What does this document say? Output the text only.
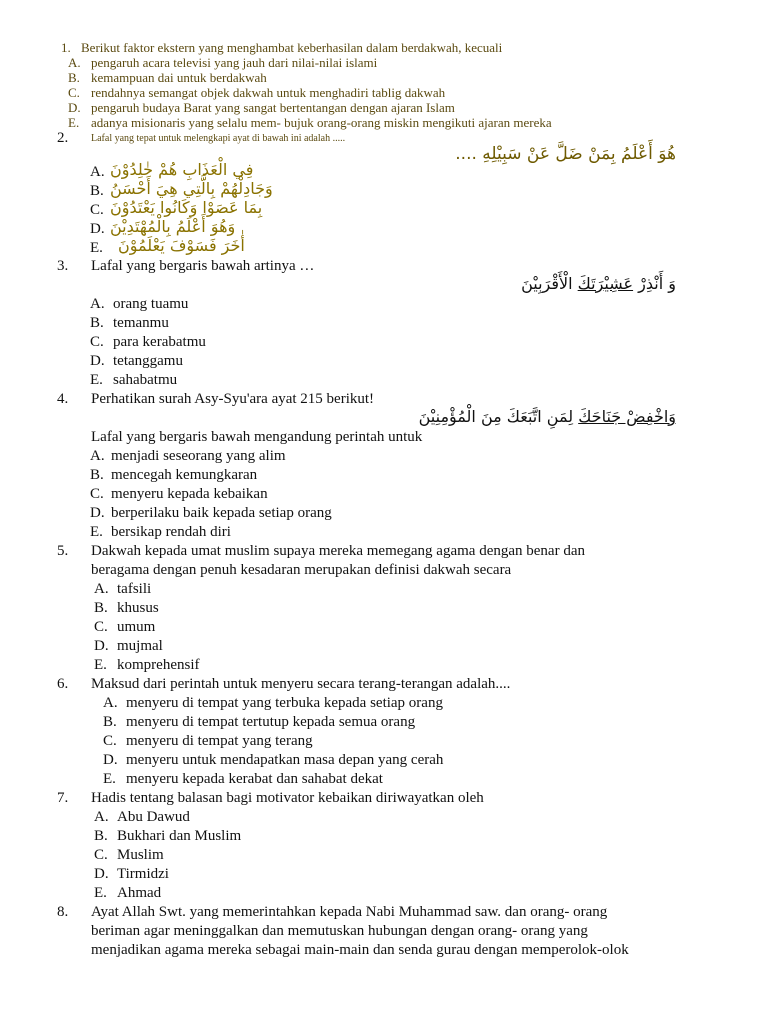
1. Berikut faktor ekstern yang menghambat keberhasilan dalam berdakwah, kecuali
A. pengaruh acara televisi yang jauh dari nilai-nilai islami
B. kemampuan dai untuk berdakwah
C. rendahnya semangat objek dakwah untuk menghadiri tablig dakwah
D. pengaruh budaya Barat yang sangat bertentangan dengan ajaran Islam
E. adanya misionaris yang selalu mem- bujuk orang-orang miskin mengikuti ajaran mereka
2. Lafal yang tepat untuk melengkapi ayat di bawah ini adalah .....
هُوَ أَعْلَمُ بِمَنْ ضَلَّ عَنْ سَبِيْلِهِ ....
A. فِي الْعَذَابِ هُمْ خٰلِدُوْنَ
B. وَجَادِلْهُمْ بِالَّتِي هِيَ أَحْسَنُ
C. بِمَا عَصَوْا وَكَانُوا يَعْتَدُوْنَ
D. وَهُوَ أَعْلَمُ بِالْمُهْتَدِيْنَ
E. أٰخَرَ فَسَوْفَ يَعْلَمُوْنَ
3. Lafal yang bergaris bawah artinya …
وَ أَنْذِرْ عَشِيْرَتَكَ الْأَقْرَبِيْنَ
A. orang tuamu
B. temanmu
C. para kerabatmu
D. tetanggamu
E. sahabatmu
4. Perhatikan surah Asy-Syu'ara ayat 215 berikut!
وَاخْفِضْ جَنَاحَكَ لِمَنِ اتَّبَعَكَ مِنَ الْمُؤْمِنِيْنَ
Lafal yang bergaris bawah mengandung perintah untuk
A. menjadi seseorang yang alim
B. mencegah kemungkaran
C. menyeru kepada kebaikan
D. berperilaku baik kepada setiap orang
E. bersikap rendah diri
5. Dakwah kepada umat muslim supaya mereka memegang agama dengan benar dan
beragama dengan penuh kesadaran merupakan definisi dakwah secara
A. tafsili
B. khusus
C. umum
D. mujmal
E. komprehensif
6. Maksud dari perintah untuk menyeru secara terang-terangan adalah....
A. menyeru di tempat yang terbuka kepada setiap orang
B. menyeru di tempat tertutup kepada semua orang
C. menyeru di tempat yang terang
D. menyeru untuk mendapatkan masa depan yang cerah
E. menyeru kepada kerabat dan sahabat dekat
7. Hadis tentang balasan bagi motivator kebaikan diriwayatkan oleh
A. Abu Dawud
B. Bukhari dan Muslim
C. Muslim
D. Tirmidzi
E. Ahmad
8. Ayat Allah Swt. yang memerintahkan kepada Nabi Muhammad saw. dan orang- orang
beriman agar meninggalkan dan memutuskan hubungan dengan orang- orang yang
menjadikan agama mereka sebagai main-main dan senda gurau dengan memperolok-olok
